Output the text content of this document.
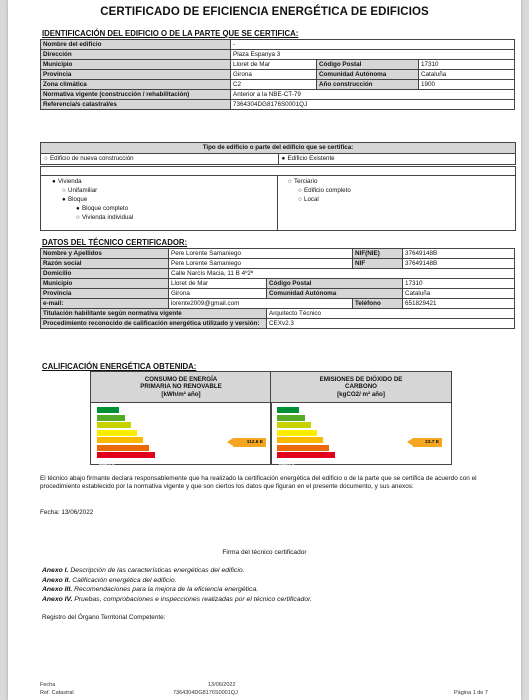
CERTIFICADO DE EFICIENCIA ENERGÉTICA DE EDIFICIOS
IDENTIFICACIÓN DEL EDIFICIO O DE LA PARTE QUE SE CERTIFICA:
Nombre del edificio	-		
Dirección	Plaza Espanya 3		
Municipio	Lloret de Mar	Código Postal	17310
Provincia	Girona	Comunidad Autónoma	Cataluña
Zona climática	C2	Año construcción	1900
Normativa vigente (construcción / rehabilitación)	Anterior a la NBE-CT-79		
Referencia/s catastral/es	7364304DG8176S0001QJ		
Tipo de edificio o parte del edificio que se certifica:
○ Edificio de nueva construcción	● Edificio Existente
● Vivienda
○ Unifamiliar
● Bloque
● Bloque completo
○ Vivienda individual
○ Terciario
○ Edificio completo
○ Local
DATOS DEL TÉCNICO CERTIFICADOR:
Nombre y Apellidos	Pere Lorente Samaniego		NIF(NIE)	37649148B
Razón social	Pere Lorente Samaniego		NIF	37649148B
Domicilio	Calle Narcís Macia, 11 B 4º2ª			
Municipio	Lloret de Mar	Código Postal		17310
Provincia	Girona	Comunidad Autónoma		Cataluña
e-mail:	lorente2009@gmail.com		Teléfono	651829421
Titulación habilitante según normativa vigente		Arquitecto Técnico		
Procedimiento reconocido de calificación energética utilizado y versión:		CEXv2.3		
CALIFICACIÓN ENERGÉTICA OBTENIDA:
CONSUMO DE ENERGÍA
PRIMARIA NO RENOVABLE
[kWh/m² año]
≥383.9 G
112.6 E
EMISIONES DE DIÓXIDO DE
CARBONO
[kgCO2/ m² año]
≥383.9 G
23.7 E
El técnico abajo firmante declara responsablemente que ha realizado la certificación energética del edificio o de la parte que se certifica de acuerdo con el procedimiento establecido por la normativa vigente y que son ciertos los datos que figuran en el presente documento, y sus anexos:
Fecha: 13/06/2022
Firma del técnico certificador
Anexo I. Descripción de las características energéticas del edificio.
Anexo II. Calificación energética del edificio.
Anexo III. Recomendaciones para la mejora de la eficiencia energética.
Anexo IV. Pruebas, comprobaciones e inspecciones realizadas por el técnico certificador.
Registro del Órgano Territorial Competente:
Fecha
Ref. Catastral
13/06/2022
7364304DG8176S0001QJ	Página 1 de 7
